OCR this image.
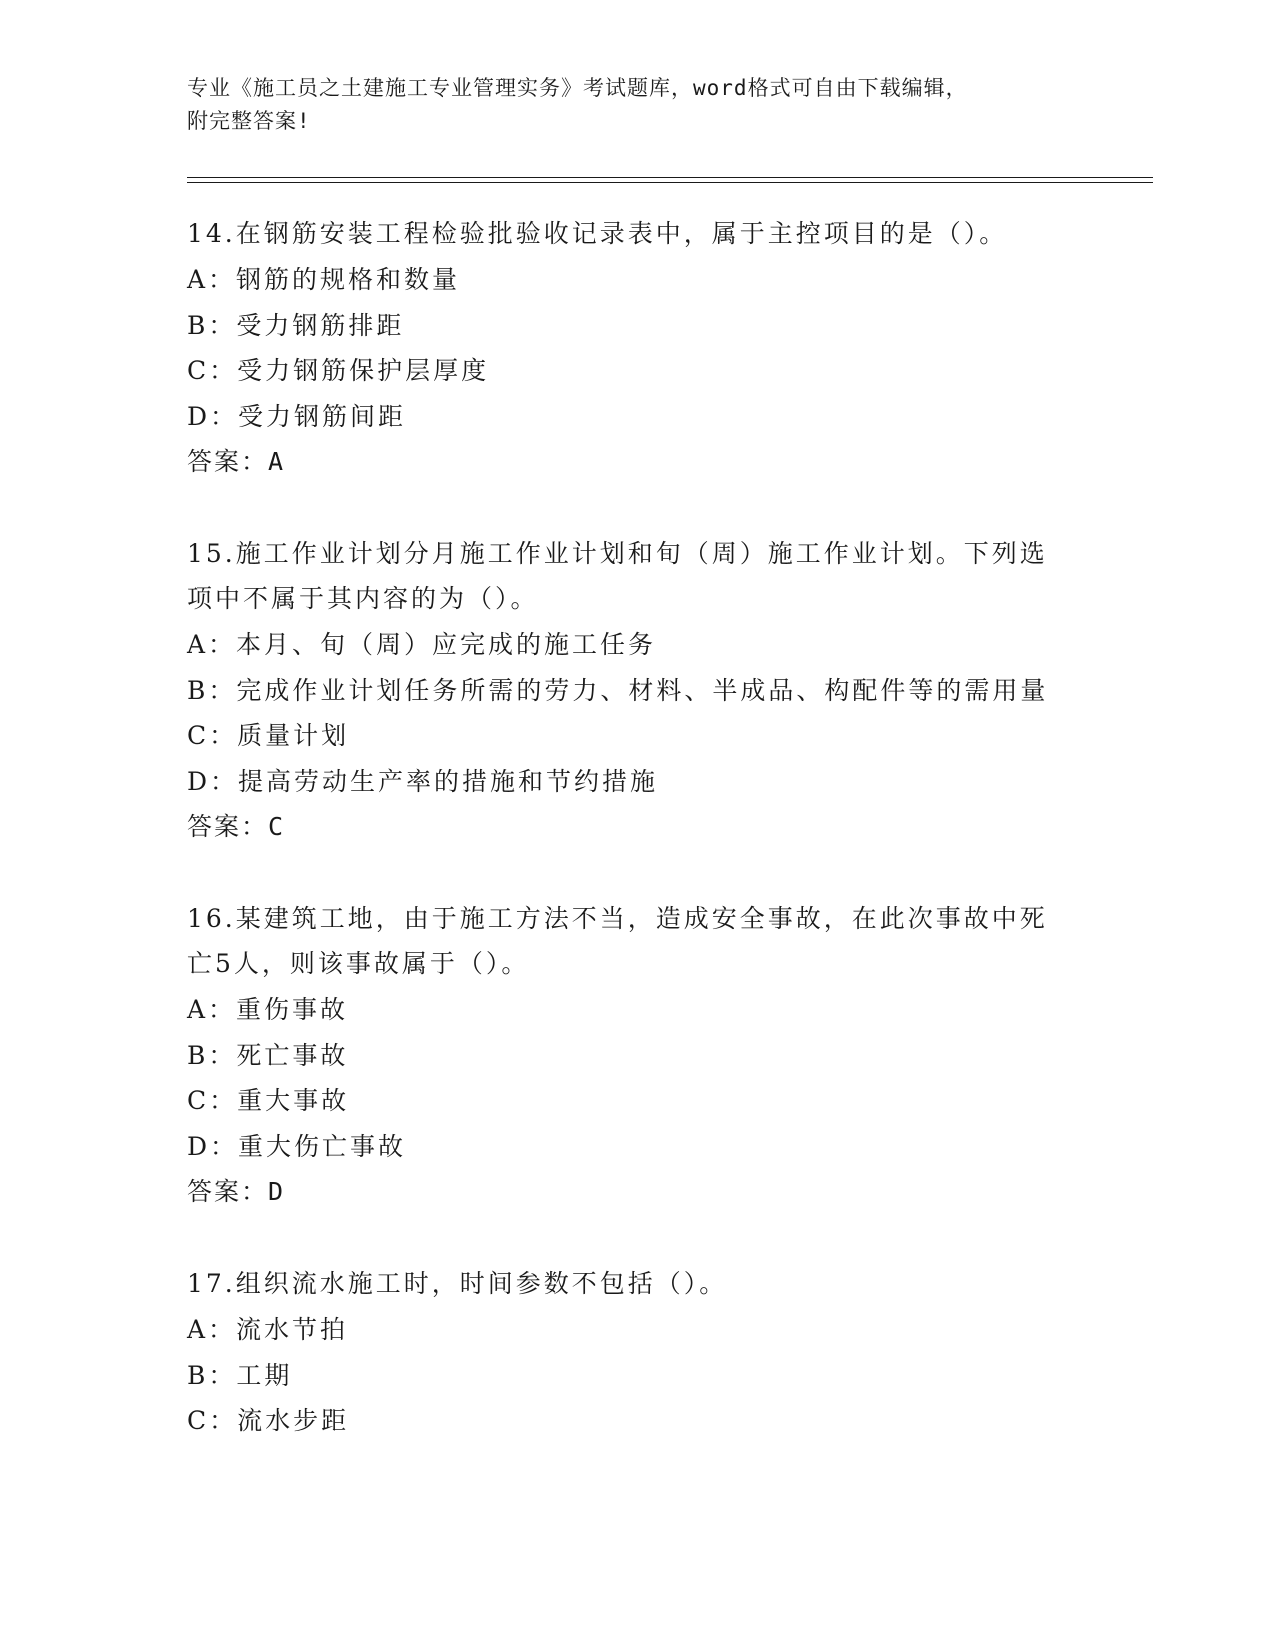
专业《施工员之土建施工专业管理实务》考试题库，word格式可自由下载编辑，
附完整答案!
14.在钢筋安装工程检验批验收记录表中，属于主控项目的是（）。
A：钢筋的规格和数量
B：受力钢筋排距
C：受力钢筋保护层厚度
D：受力钢筋间距
答案：A
15.施工作业计划分月施工作业计划和旬（周）施工作业计划。下列选
项中不属于其内容的为（）。
A：本月、旬（周）应完成的施工任务
B：完成作业计划任务所需的劳力、材料、半成品、构配件等的需用量
C：质量计划
D：提高劳动生产率的措施和节约措施
答案：C
16.某建筑工地，由于施工方法不当，造成安全事故，在此次事故中死
亡5人，则该事故属于（）。
A：重伤事故
B：死亡事故
C：重大事故
D：重大伤亡事故
答案：D
17.组织流水施工时，时间参数不包括（）。
A：流水节拍
B：工期
C：流水步距
